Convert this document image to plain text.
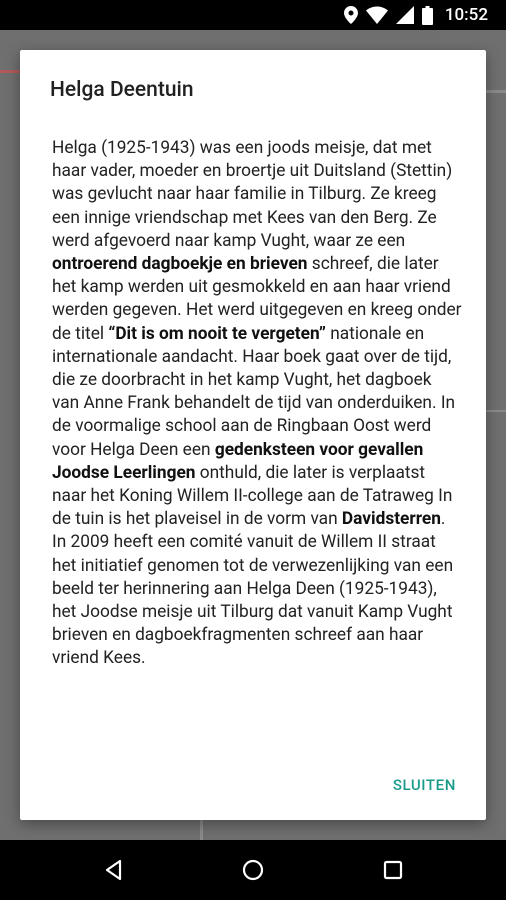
10:52
Helga Deentuin
Helga (1925-1943) was een joods meisje, dat met haar vader, moeder en broertje uit Duitsland (Stettin) was gevlucht naar haar familie in Tilburg. Ze kreeg een innige vriendschap met Kees van den Berg. Ze werd afgevoerd naar kamp Vught, waar ze een ontroerend dagboekje en brieven schreef, die later het kamp werden uit gesmokkeld en aan haar vriend werden gegeven. Het werd uitgegeven en kreeg onder de titel “Dit is om nooit te vergeten” nationale en internationale aandacht. Haar boek gaat over de tijd, die ze doorbracht in het kamp Vught, het dagboek van Anne Frank behandelt de tijd van onderduiken. In de voormalige school aan de Ringbaan Oost werd voor Helga Deen een gedenksteen voor gevallen Joodse Leerlingen onthuld, die later is verplaatst naar het Koning Willem II-college aan de Tatraweg In de tuin is het plaveisel in de vorm van Davidsterren. In 2009 heeft een comité vanuit de Willem II straat het initiatief genomen tot de verwezenlijking van een beeld ter herinnering aan Helga Deen (1925-1943), het Joodse meisje uit Tilburg dat vanuit Kamp Vught brieven en dagboekfragmenten schreef aan haar vriend Kees.
SLUITEN
